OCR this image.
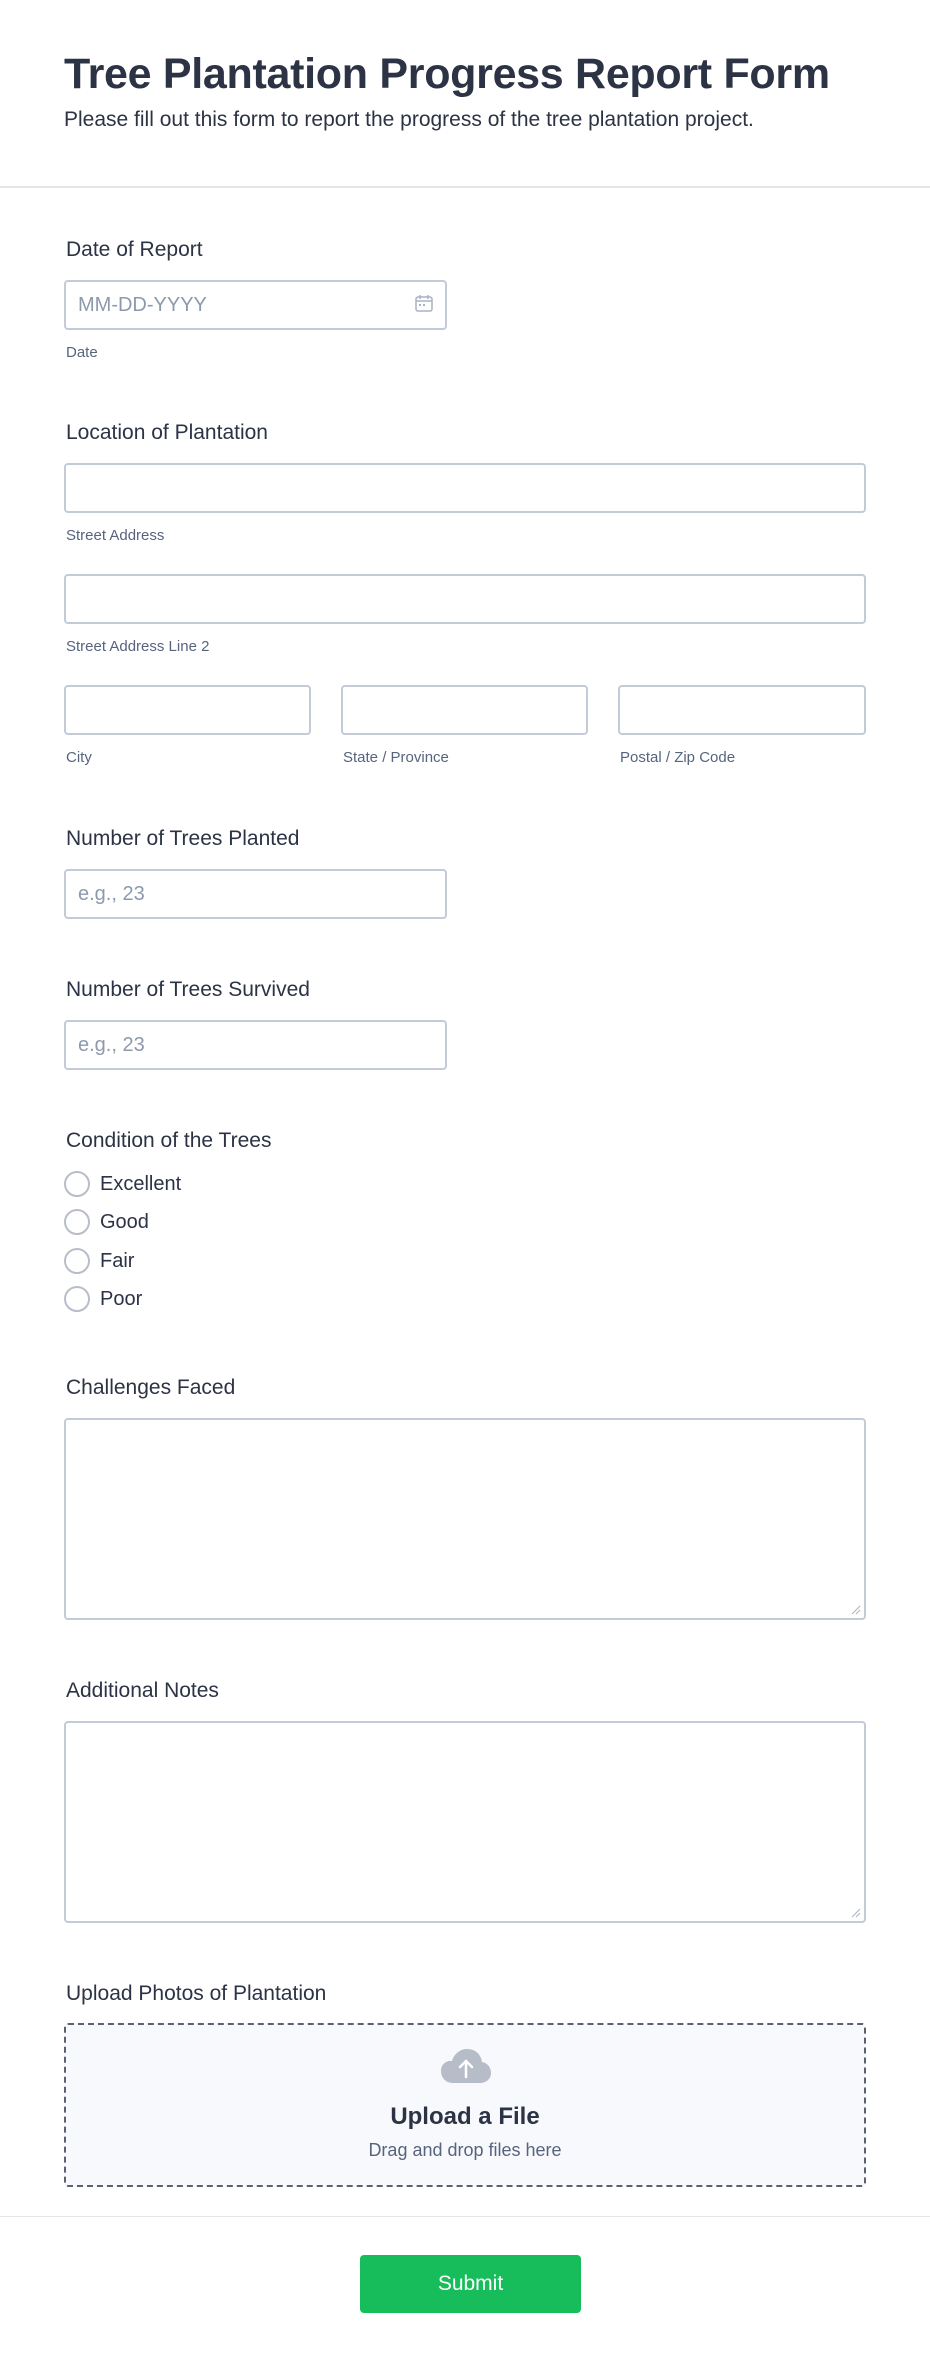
Tree Plantation Progress Report Form
Please fill out this form to report the progress of the tree plantation project.
Date of Report
MM-DD-YYYY
Date
Location of Plantation
Street Address
Street Address Line 2
City	State / Province	Postal / Zip Code
Number of Trees Planted
e.g., 23
Number of Trees Survived
e.g., 23
Condition of the Trees
Excellent
Good
Fair
Poor
Challenges Faced
Additional Notes
Upload Photos of Plantation
Upload a File
Drag and drop files here
Submit
